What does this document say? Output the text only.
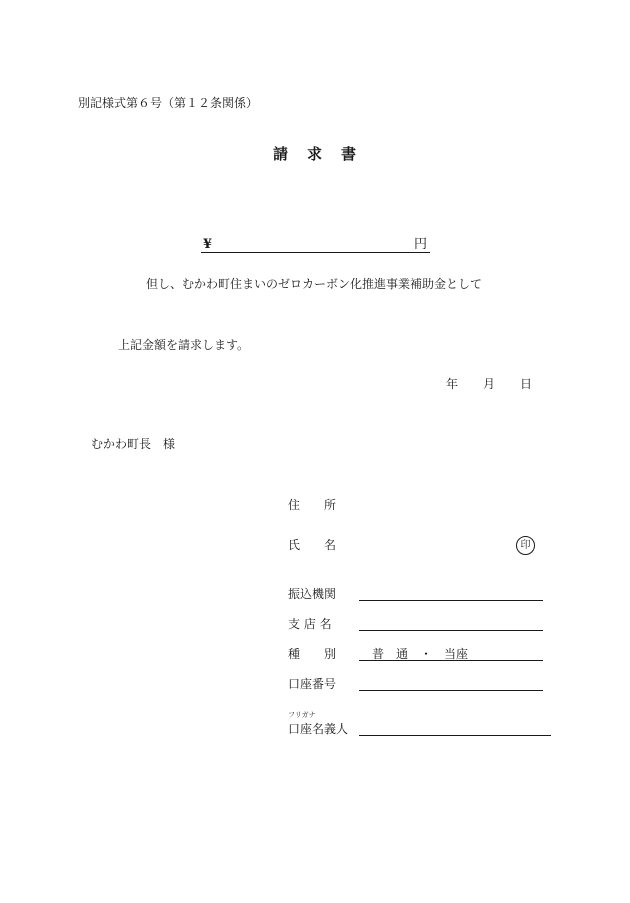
別記様式第６号（第１２条関係）
請 求 書
¥	円
但し、むかわ町住まいのゼロカーボン化推進事業補助金として
上記金額を請求します。
年 月 日
むかわ町長　様
住　　所
氏　　名	印
振込機関
支 店 名
種　　別	普　通　・　当座
口座番号
フリガナ
口座名義人
